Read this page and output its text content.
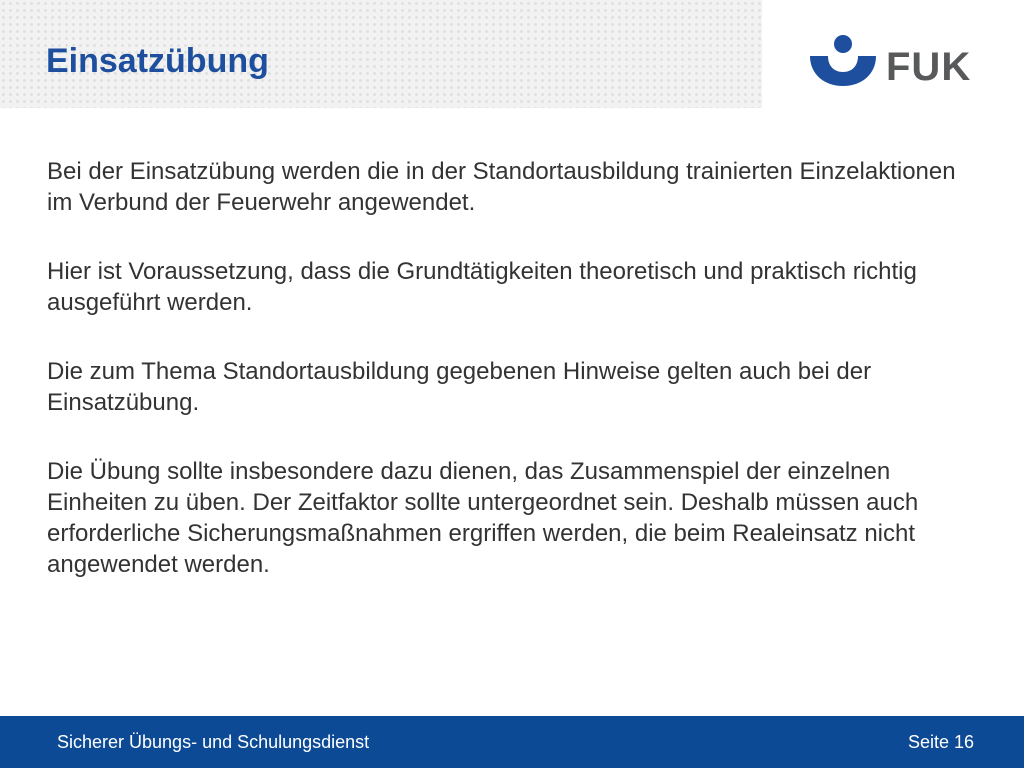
Einsatzübung	FUK

Bei der Einsatzübung werden die in der Standortausbildung trainierten Einzelaktionen im Verbund der Feuerwehr angewendet.

Hier ist Voraussetzung, dass die Grundtätigkeiten theoretisch und praktisch richtig ausgeführt werden.

Die zum Thema Standortausbildung gegebenen Hinweise gelten auch bei der Einsatzübung.

Die Übung sollte insbesondere dazu dienen, das Zusammenspiel der einzelnen Einheiten zu üben. Der Zeitfaktor sollte untergeordnet sein. Deshalb müssen auch erforderliche Sicherungsmaßnahmen ergriffen werden, die beim Realeinsatz nicht angewendet werden.

Sicherer Übungs- und Schulungsdienst	Seite 16
